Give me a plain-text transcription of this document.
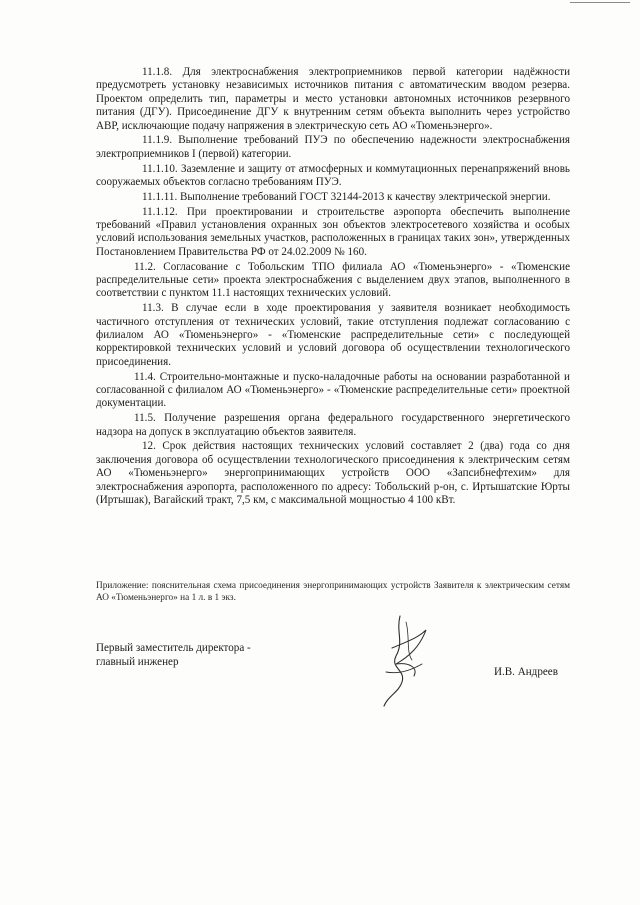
11.1.8. Для электроснабжения электроприемников первой категории надёжности предусмотреть установку независимых источников питания с автоматическим вводом резерва. Проектом определить тип, параметры и место установки автономных источников резервного питания (ДГУ). Присоединение ДГУ к внутренним сетям объекта выполнить через устройство АВР, исключающие подачу напряжения в электрическую сеть АО «Тюменьэнерго».

11.1.9. Выполнение требований ПУЭ по обеспечению надежности электроснабжения электроприемников I (первой) категории.

11.1.10. Заземление и защиту от атмосферных и коммутационных перенапряжений вновь сооружаемых объектов согласно требованиям ПУЭ.

11.1.11. Выполнение требований ГОСТ 32144-2013 к качеству электрической энергии.

11.1.12. При проектировании и строительстве аэропорта обеспечить выполнение требований «Правил установления охранных зон объектов электросетевого хозяйства и особых условий использования земельных участков, расположенных в границах таких зон», утвержденных Постановлением Правительства РФ от 24.02.2009 № 160.

11.2. Согласование с Тобольским ТПО филиала АО «Тюменьэнерго» - «Тюменские распределительные сети» проекта электроснабжения с выделением двух этапов, выполненного в соответствии с пунктом 11.1 настоящих технических условий.

11.3. В случае если в ходе проектирования у заявителя возникает необходимость частичного отступления от технических условий, такие отступления подлежат согласованию с филиалом АО «Тюменьэнерго» - «Тюменские распределительные сети» с последующей корректировкой технических условий и условий договора об осуществлении технологического присоединения.

11.4. Строительно-монтажные и пуско-наладочные работы на основании разработанной и согласованной с филиалом АО «Тюменьэнерго» - «Тюменские распределительные сети» проектной документации.

11.5. Получение разрешения органа федерального государственного энергетического надзора на допуск в эксплуатацию объектов заявителя.

12. Срок действия настоящих технических условий составляет 2 (два) года со дня заключения договора об осуществлении технологического присоединения к электрическим сетям АО «Тюменьэнерго» энергопринимающих устройств ООО «Запсибнефтехим» для электроснабжения аэропорта, расположенного по адресу: Тобольский р-он, с. Иртышатские Юрты (Иртышак), Вагайский тракт, 7,5 км, с максимальной мощностью 4 100 кВт.

Приложение: пояснительная схема присоединения энергопринимающих устройств Заявителя к электрическим сетям АО «Тюменьэнерго» на 1 л. в 1 экз.
Первый заместитель директора -
главный инженер
И.В. Андреев
